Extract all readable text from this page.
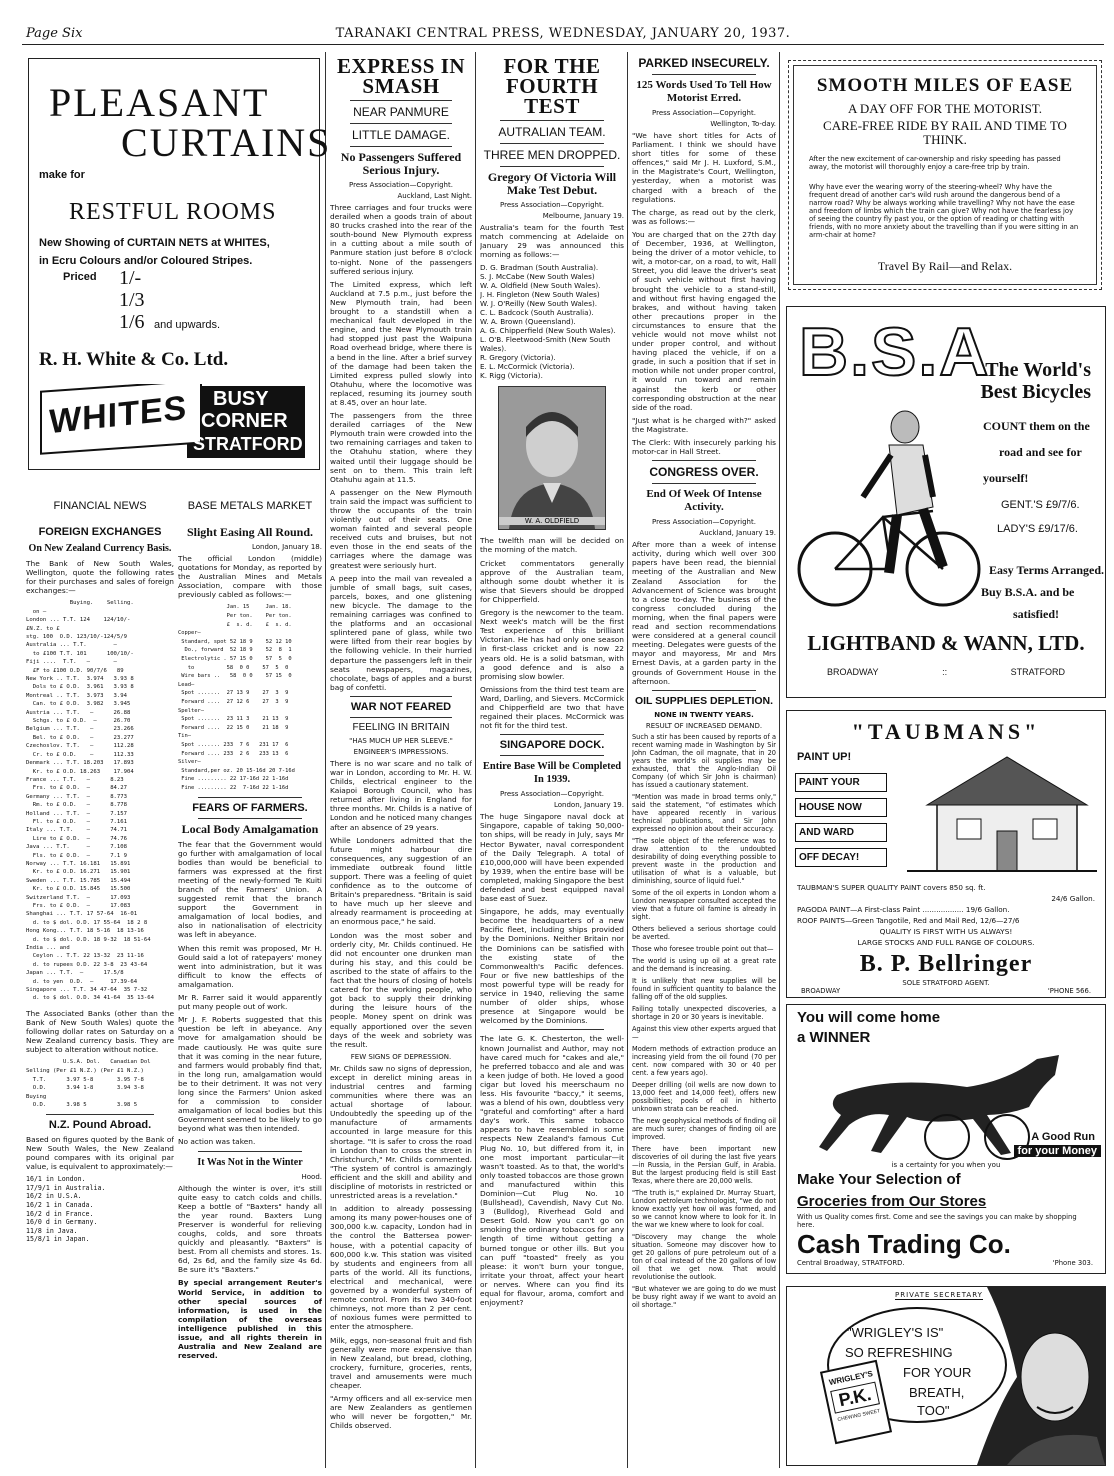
Page Six	TARANAKI CENTRAL PRESS, WEDNESDAY, JANUARY 20, 1937.
PLEASANT
CURTAINS
make for
RESTFUL ROOMS
New Showing of CURTAIN NETS at WHITES,
in Ecru Colours and/or Coloured Stripes.
Priced 1/-
1/3
1/6 and upwards.
R. H. White & Co. Ltd.
WHITES BUSY
CORNER
STRATFORD
FINANCIAL NEWS
FOREIGN EXCHANGES
On New Zealand Currency Basis.

The Bank of New South Wales, Wellington, quote the following rates for their purchases and sales of foreign exchanges:—

Buying.    Selling.
on —
London ... T.T. 124    124/10/-
£N.Z. to £
stg. 100  O.D. 123/10/-124/5/9
Australia ... T.T.        —
to £100 T.T. 101      100/10/-
Fiji ....  T.T.   —       —
£F to £100 O.D. 90/7/6   89
New York .. T.T.  3.974   3.93 8
Dols to £ O.D.  3.961   3.93 8
Montreal .. T.T.  3.973   3.94
Can. to £ O.D.  3.982   3.945
Austria ... T.T.   —      26.88
Schgs. to £ O.D.  —     26.70
Belgium ... T.T.   —      23.266
Bel. to £ O.D.   —      23.277
Czechoslov. T.T.   —      112.28
Cr. to £ O.D.    —      112.33
Denmark ... T.T. 18.203   17.893
Kr. to £ O.D. 18.263    17.904
France ... T.T.   —      8.23
Frs. to £ O.D.  —      84.27
Germany ... T.T.  —      8.773
Rm. to £ O.D.   —      8.778
Holland ... T.T.  —      7.157
Fl. to £ O.D.   —      7.161
Italy ... T.T.    —      74.71
Lire to £ O.D.  —      74.76
Java ... T.T.     —      7.108
Fls. to £ O.D.  —      7.1 9
Norway ... T.T. 16.181   15.891
Kr. to £ O.D. 16.271   15.901
Sweden ... T.T. 15.785   15.494
Kr. to £ O.D. 15.845   15.500
Switzerland T.T.  —      17.093
Frs. to £ O.D.  —      17.083
Shanghai ... T.T. 17 57-64  16-01
d. to $ dol. O.D. 17 55-64  18 2 8
Hong Kong... T.T. 18 5-16  18 13-16
d. to $ dol. O.D. 18 9-32  18 51-64
India ... and
Ceylon .. T.T. 22 13-32  23 11-16
d. to rupees O.D. 22 3-8  23 43-64
Japan ... T.T.  —      17.5/8
d. to yen  O.D.  —     17.39-64
Singapore ... T.T. 34 47-64  35 7-32
d. to $ dol. O.D. 34 41-64  35 13-64

The Associated Banks (other than the Bank of New South Wales) quote the following dollar rates on Saturday on a New Zealand currency basis. They are subject to alteration without notice.

U.S.A. Dol.   Canadian Dol
Selling (Per £1 N.Z.) (Per £1 N.Z.)
T.T.      3.97 5-8       3.95 7-8
O.D.      3.94 1-8       3.94 3-8
Buying
O.D.      3.98 5         3.98 5
N.Z. Pound Abroad.

Based on figures quoted by the Bank of New South Wales, the New Zealand pound compares with its original par value, is equivalent to approximately:—

16/1 in London.
17/9/1 in Australia.
16/2 in U.S.A.
16/2 1 in Canada.
16/2 d in France.
16/0 d in Germany.
11/8 in Java.
15/8/1 in Japan.
BASE METALS MARKET
Slight Easing All Round.
London, January 18.

The official London (middle) quotations for Monday, as reported by the Australian Mines and Metals Association, compare with those previously cabled as follows:—

Jan. 15     Jan. 18.
Per ton.    Per ton.
£  s. d.    £  s. d.
Copper—
Standard, spot 52 18 9    52 12 10
Do., forward  52 18 9    52  8  1
Electrolytic . 57 15 0    57  5  0
to          58  0 0    57  5  0
Wire bars ..   58  0 0    57 15  0
Lead—
Spot .......  27 13 9    27  3  9
Forward ....  27 12 6    27  3  9
Spelter—
Spot .......  23 11 3    21 13  9
Forward ....  22 15 0    21 18  9
Tin—
Spot ....... 233  7 6   231 17  6
Forward .... 233  2 6   233 13  6
Silver—
Standard,per oz. 20 15-16d 20 7-16d
Fine ......... 22 17-16d 22 1-16d
Fine ......... 22  7-16d 22 1-16d
FEARS OF FARMERS.
Local Body Amalgamation

The fear that the Government would go further with amalgamation of local bodies than would be beneficial to farmers was expressed at the first meeting of the newly-formed Te Kuiti branch of the Farmers' Union. A suggested remit that the branch support the Government in amalgamation of local bodies, and also in nationalisation of electricity was left in abeyance.

When this remit was proposed, Mr H. Gould said a lot of ratepayers' money went into administration, but it was difficult to know the effects of amalgamation.

Mr R. Farrer said it would apparently put many people out of work.

Mr J. F. Roberts suggested that this question be left in abeyance. Any move for amalgamation should be made cautiously. He was quite sure that it was coming in the near future, and farmers would probably find that, in the long run, amalgamation would be to their detriment. It was not very long since the Farmers' Union asked for a commission to consider amalgamation of local bodies but this Government seemed to be likely to go beyond what was then intended.

No action was taken.

It Was Not in the Winter
Hood.

Although the winter is over, it's still quite easy to catch colds and chills. Keep a bottle of "Baxters" handy all the year round. Baxters Lung Preserver is wonderful for relieving coughs, colds, and sore throats quickly and pleasantly. "Baxters" is best. From all chemists and stores. 1s. 6d, 2s 6d, and the family size 4s 6d. Be sure it's "Baxters."

By special arrangement Reuter's World Service, in addition to other special sources of information, is used in the compilation of the overseas intelligence published in this issue, and all rights therein in Australia and New Zealand are reserved.

EXPRESS IN SMASH
NEAR PANMURE
LITTLE DAMAGE.
No Passengers Suffered Serious Injury.
Press Association—Copyright.
Auckland, Last Night.

Three carriages and four trucks were derailed when a goods train of about 80 trucks crashed into the rear of the south-bound New Plymouth express in a cutting about a mile south of Panmure station just before 8 o'clock to-night. None of the passengers suffered serious injury.

The Limited express, which left Auckland at 7.5 p.m., just before the New Plymouth train, had been brought to a standstill when a mechanical fault developed in the engine, and the New Plymouth train had stopped just past the Waipuna Road overhead bridge, where there is a bend in the line. After a brief survey of the damage had been taken the Limited express pulled slowly into Otahuhu, where the locomotive was replaced, resuming its journey south at 8.45, over an hour late.

The passengers from the three derailed carriages of the New Plymouth train were crowded into the two remaining carriages and taken to the Otahuhu station, where they waited until their luggage should be sent on to them. This train left Otahuhu again at 11.5.

A passenger on the New Plymouth train said the impact was sufficient to throw the occupants of the train violently out of their seats. One woman fainted and several people received cuts and bruises, but not even those in the end seats of the carriages where the damage was greatest were seriously hurt.

A peep into the mail van revealed a jumble of small bags, suit cases, parcels, boxes, and one glistening new bicycle. The damage to the remaining carriages was confined to the platforms and an occasional splintered pane of glass, while two were lifted from their rear bogies by the following vehicle. In their hurried departure the passengers left in their seats newspapers, magazines, chocolate, bags of apples and a burst bag of confetti.

WAR NOT FEARED
FEELING IN BRITAIN
"HAS MUCH UP HER SLEEVE."
ENGINEER'S IMPRESSIONS.

There is no war scare and no talk of war in London, according to Mr. H. W. Childs, electrical engineer to the Kaiapoi Borough Council, who has returned after living in England for three months. Mr. Childs is a native of London and he noticed many changes after an absence of 29 years.

While Londoners admitted that the future might harbour dire consequences, any suggestion of an immediate outbreak found little support. There was a feeling of quiet confidence as to the outcome of Britain's preparedness. "Britain is said to have much up her sleeve and already rearmament is proceeding at an enormous pace," he said.

London was the most sober and orderly city, Mr. Childs continued. He did not encounter one drunken man during his stay, and this could be ascribed to the state of affairs to the fact that the hours of closing of hotels catered for the working people, who got back to supply their drinking during the leisure hours of the people. Money spent on drink was equally apportioned over the seven days of the week and sobriety was the result.

FEW SIGNS OF DEPRESSION.

Mr. Childs saw no signs of depression, except in derelict mining areas in industrial centres and farming communities where there was an actual shortage of labour. Undoubtedly the speeding up of the manufacture of armaments accounted in large measure for this shortage. "It is safer to cross the road in London than to cross the street in Christchurch," Mr. Childs commented. "The system of control is amazingly efficient and the skill and ability and discipline of motorists in restricted or unrestricted areas is a revelation."

In addition to already possessing among its many power-houses one of 300,000 k.w. capacity, London had in the control the Battersea power-house, with a potential capacity of 600,000 k.w. This station was visited by students and engineers from all parts of the world. All its functions, electrical and mechanical, were governed by a wonderful system of remote control. From its two 340-foot chimneys, not more than 2 per cent. of noxious fumes were permitted to enter the atmosphere.

Milk, eggs, non-seasonal fruit and fish generally were more expensive than in New Zealand, but bread, clothing, crockery, furniture, groceries, rents, travel and amusements were much cheaper.

"Army officers and all ex-service men are New Zealanders as gentlemen who will never be forgotten," Mr. Childs observed.

FOR THE FOURTH TEST
AUTRALIAN TEAM.
THREE MEN DROPPED.
Gregory Of Victoria Will Make Test Debut.
Press Association—Copyright.
Melbourne, January 19.

Australia's team for the fourth Test match commencing at Adelaide on January 29 was announced this morning as follows:—

D. G. Bradman (South Australia).
S. J. McCabe (New South Wales)
W. A. Oldfield (New South Wales).
J. H. Fingleton (New South Wales)
W. J. O'Reilly (New South Wales).
C. L. Badcock (South Australia).
W. A. Brown (Queensland).
A. G. Chipperfield (New South Wales).
L. O'B. Fleetwood-Smith (New South Wales).
R. Gregory (Victoria).
E. L. McCormick (Victoria).
K. Rigg (Victoria).
W. A. OLDFIELD

The twelfth man will be decided on the morning of the match.

Cricket commentators generally approve of the Australian team, although some doubt whether it is wise that Sievers should be dropped for Chipperfield.

Gregory is the newcomer to the team. Next week's match will be the first Test experience of this brilliant Victorian. He has had only one season in first-class cricket and is now 22 years old. He is a solid batsman, with a good defence and is also a promising slow bowler.

Omissions from the third test team are Ward, Darling, and Sievers. McCormick and Chipperfield are two that have regained their places. McCormick was not fit for the third test.

SINGAPORE DOCK.
Entire Base Will be Completed In 1939.
Press Association—Copyright.
London, January 19.

The huge Singapore naval dock at Singapore, capable of taking 50,000-ton ships, will be ready in July, says Mr Hector Bywater, naval correspondent of the Daily Telegraph. A total of £10,000,000 will have been expended by 1939, when the entire base will be completed, making Singapore the best defended and best equipped naval base east of Suez.

Singapore, he adds, may eventually become the headquarters of a new Pacific fleet, including ships provided by the Dominions. Neither Britain nor the Dominions can be satisfied with the existing state of the Commonwealth's Pacific defences. Four or five new battleships of the most powerful type will be ready for service in 1940, relieving the same number of older ships, whose presence at Singapore would be welcomed by the Dominions.

The late G. K. Chesterton, the well-known Journalist and Author, may not have cared much for "cakes and ale," he preferred tobacco and ale and was a keen judge of both. He loved a good cigar but loved his meerschaum no less. His favourite "baccy," it seems, was a blend of his own, doubtless very "grateful and comforting" after a hard day's work. This same tobacco appears to have resembled in some respects New Zealand's famous Cut Plug No. 10, but differed from it, in one most important particular—it wasn't toasted. As to that, the world's only toasted tobaccos are those grown and manufactured within this Dominion—Cut Plug No. 10 (Bullshead), Cavendish, Navy Cut No. 3 (Bulldog), Riverhead Gold and Desert Gold. Now you can't go on smoking the ordinary tobaccos for any length of time without getting a burned tongue or other ills. But you can puff "toasted" freely as you please: it won't burn your tongue, irritate your throat, affect your heart or nerves. Where can you find its equal for flavour, aroma, comfort and enjoyment?

PARKED INSECURELY.
125 Words Used To Tell How Motorist Erred.
Press Association—Copyright.
Wellington, To-day.

"We have short titles for Acts of Parliament. I think we should have short titles for some of these offences," said Mr J. H. Luxford, S.M., in the Magistrate's Court, Wellington, yesterday, when a motorist was charged with a breach of the regulations.

The charge, as read out by the clerk, was as follows:—

You are charged that on the 27th day of December, 1936, at Wellington, being the driver of a motor vehicle, to wit, a motor-car, on a road, to wit, Hall Street, you did leave the driver's seat of such vehicle without first having brought the vehicle to a stand-still, and without first having engaged the brakes, and without having taken other precautions proper in the circumstances to ensure that the vehicle would not move whilst not under proper control, and without having placed the vehicle, if on a grade, in such a position that if set in motion while not under proper control, it would run toward and remain against the kerb or other corresponding obstruction at the near side of the road.

"Just what is he charged with?" asked the Magistrate.

The Clerk: With insecurely parking his motor-car in Hall Street.

CONGRESS OVER.
End Of Week Of Intense Activity.
Press Association—Copyright.
Auckland, January 19.

After more than a week of intense activity, during which well over 300 papers have been read, the biennial meeting of the Australian and New Zealand Association for the Advancement of Science was brought to a close to-day. The business of the congress concluded during the morning, when the final papers were read and section recommendations were considered at a general council meeting. Delegates were guests of the mayor and mayoress, Mr and Mrs Ernest Davis, at a garden party in the grounds of Government House in the afternoon.

OIL SUPPLIES DEPLETION.
NONE IN TWENTY YEARS.
RESULT OF INCREASED DEMAND.

Such a stir has been caused by reports of a recent warning made in Washington by Sir John Cadman, the oil magnate, that in 20 years the world's oil supplies may be exhausted, that the Anglo-Indian Oil Company (of which Sir John is chairman) has issued a cautionary statement.

"Mention was made in broad terms only," said the statement, "of estimates which have appeared recently in various technical publications, and Sir John expressed no opinion about their accuracy.

"The sole object of the reference was to draw attention to the undoubted desirability of doing everything possible to prevent waste in the production and utilisation of what is a valuable, but diminishing, source of liquid fuel."

Some of the oil experts in London whom a London newspaper consulted accepted the view that a future oil famine is already in sight.

Others believed a serious shortage could be averted.

Those who foresee trouble point out that—

The world is using up oil at a great rate and the demand is increasing.

It is unlikely that new supplies will be found in sufficient quantity to balance the falling off of the old supplies.

Failing totally unexpected discoveries, a shortage in 20 or 30 years is inevitable.

Against this view other experts argued that—

Modern methods of extraction produce an increasing yield from the oil found (70 per cent. now compared with 30 or 40 per cent. a few years ago).

Deeper drilling (oil wells are now down to 13,000 feet and 14,000 feet), offers new possibilities; pools of oil in hitherto unknown strata can be reached.

The new geophysical methods of finding oil are much surer; changes of finding oil are improved.

There have been important new discoveries of oil during the last five years—in Russia, in the Persian Gulf, in Arabia. But the largest producing field is still East Texas, where there are 20,000 wells.

"The truth is," explained Dr. Murray Stuart, London petroleum technologist, "we do not know exactly yet how oil was formed, and so we cannot know where to look for it. In the war we knew where to look for coal.

"Discovery may change the whole situation. Someone may discover how to get 20 gallons of pure petroleum out of a ton of coal instead of the 20 gallons of low oil that we get now. That would revolutionise the outlook.

"But whatever we are going to do we must be busy right away if we want to avoid an oil shortage."

SMOOTH MILES OF EASE
A DAY OFF FOR THE MOTORIST.
CARE-FREE RIDE BY RAIL AND TIME TO THINK.
After the new excitement of car-ownership and risky speeding has passed away, the motorist will thoroughly enjoy a care-free trip by train.
Why have ever the wearing worry of the steering-wheel? Why have the frequent dread of another car's wild rush around the dangerous bend of a narrow road? Why be always working while travelling? Why not have the ease and freedom of limbs which the train can give? Why not have the fearless joy of seeing the country fly past you, or the option of reading or chatting with friends, with no more anxiety about the travelling than if you were sitting in an arm-chair at home?
Travel By Rail—and Relax.
B.S.A
The World's
Best Bicycles
COUNT them on the
road and see for
yourself!
GENT.'S £9/7/6.
LADY'S £9/17/6.
Easy Terms Arranged.
Buy B.S.A. and be
satisfied!
LIGHTBAND & WANN, LTD.
BROADWAY	::	STRATFORD
"TAUBMANS"
PAINT UP!
PAINT YOUR
HOUSE NOW
AND WARD
OFF DECAY!
TAUBMAN'S SUPER QUALITY PAINT covers 850 sq. ft.
24/6 Gallon.
PAGODA PAINT—A First-class Paint .................. 19/6 Gallon.
ROOF PAINTS—Green Tangotile, Red and Mail Red, 12/6—27/6
QUALITY IS FIRST WITH US ALWAYS!
LARGE STOCKS AND FULL RANGE OF COLOURS.
B. P. Bellringer
SOLE STRATFORD AGENT.
BROADWAY	'PHONE 566.
You will come home
a WINNER
A Good Run
for your Money
is a certainty for you when you
Make Your Selection of
Groceries from Our Stores
With us Quality comes first. Come and see the savings you can make by shopping here.
Cash Trading Co.
Central Broadway, STRATFORD.	'Phone 303.
PRIVATE SECRETARY
"WRIGLEY'S IS"
SO REFRESHING
FOR YOUR
BREATH,
TOO"
WRIGLEY'S
P.K.
CHEWING SWEET
